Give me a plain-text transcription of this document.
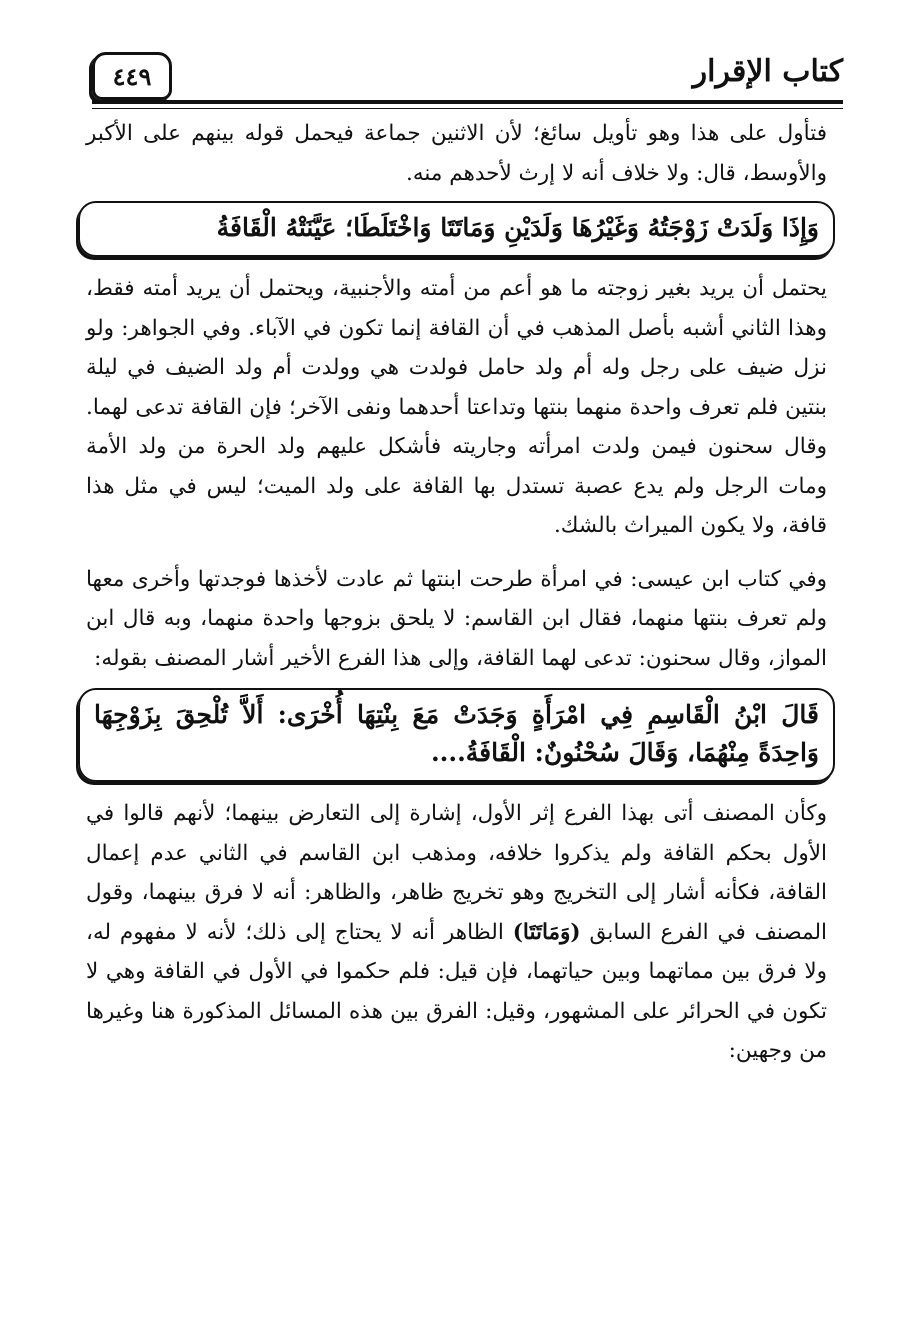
كتاب الإقرار
٤٤٩

فتأول على هذا وهو تأويل سائغ؛ لأن الاثنين جماعة فيحمل قوله بينهم على الأكبر والأوسط، قال: ولا خلاف أنه لا إرث لأحدهم منه.

وَإِذَا وَلَدَتْ زَوْجَتُهُ وَغَيْرُهَا وَلَدَيْنِ وَمَاتَتَا وَاخْتَلَطَا؛ عَيَّنَتْهُ الْقَافَةُ

يحتمل أن يريد بغير زوجته ما هو أعم من أمته والأجنبية، ويحتمل أن يريد أمته فقط، وهذا الثاني أشبه بأصل المذهب في أن القافة إنما تكون في الآباء. وفي الجواهر: ولو نزل ضيف على رجل وله أم ولد حامل فولدت هي وولدت أم ولد الضيف في ليلة بنتين فلم تعرف واحدة منهما بنتها وتداعتا أحدهما ونفى الآخر؛ فإن القافة تدعى لهما. وقال سحنون فيمن ولدت امرأته وجاريته فأشكل عليهم ولد الحرة من ولد الأمة ومات الرجل ولم يدع عصبة تستدل بها القافة على ولد الميت؛ ليس في مثل هذا قافة، ولا يكون الميراث بالشك.

وفي كتاب ابن عيسى: في امرأة طرحت ابنتها ثم عادت لأخذها فوجدتها وأخرى معها ولم تعرف بنتها منهما، فقال ابن القاسم: لا يلحق بزوجها واحدة منهما، وبه قال ابن المواز، وقال سحنون: تدعى لهما القافة، وإلى هذا الفرع الأخير أشار المصنف بقوله:

قَالَ ابْنُ الْقَاسِمِ فِي امْرَأَةٍ وَجَدَتْ مَعَ بِنْتِهَا أُخْرَى: أَلاَّ تُلْحِقَ بِزَوْجِهَا وَاحِدَةً مِنْهُمَا، وَقَالَ سُحْنُونٌ: الْقَافَةُ....

وكأن المصنف أتى بهذا الفرع إثر الأول، إشارة إلى التعارض بينهما؛ لأنهم قالوا في الأول بحكم القافة ولم يذكروا خلافه، ومذهب ابن القاسم في الثاني عدم إعمال القافة، فكأنه أشار إلى التخريج وهو تخريج ظاهر، والظاهر: أنه لا فرق بينهما، وقول المصنف في الفرع السابق (وَمَاتَتَا) الظاهر أنه لا يحتاج إلى ذلك؛ لأنه لا مفهوم له، ولا فرق بين مماتهما وبين حياتهما، فإن قيل: فلم حكموا في الأول في القافة وهي لا تكون في الحرائر على المشهور، وقيل: الفرق بين هذه المسائل المذكورة هنا وغيرها من وجهين:
